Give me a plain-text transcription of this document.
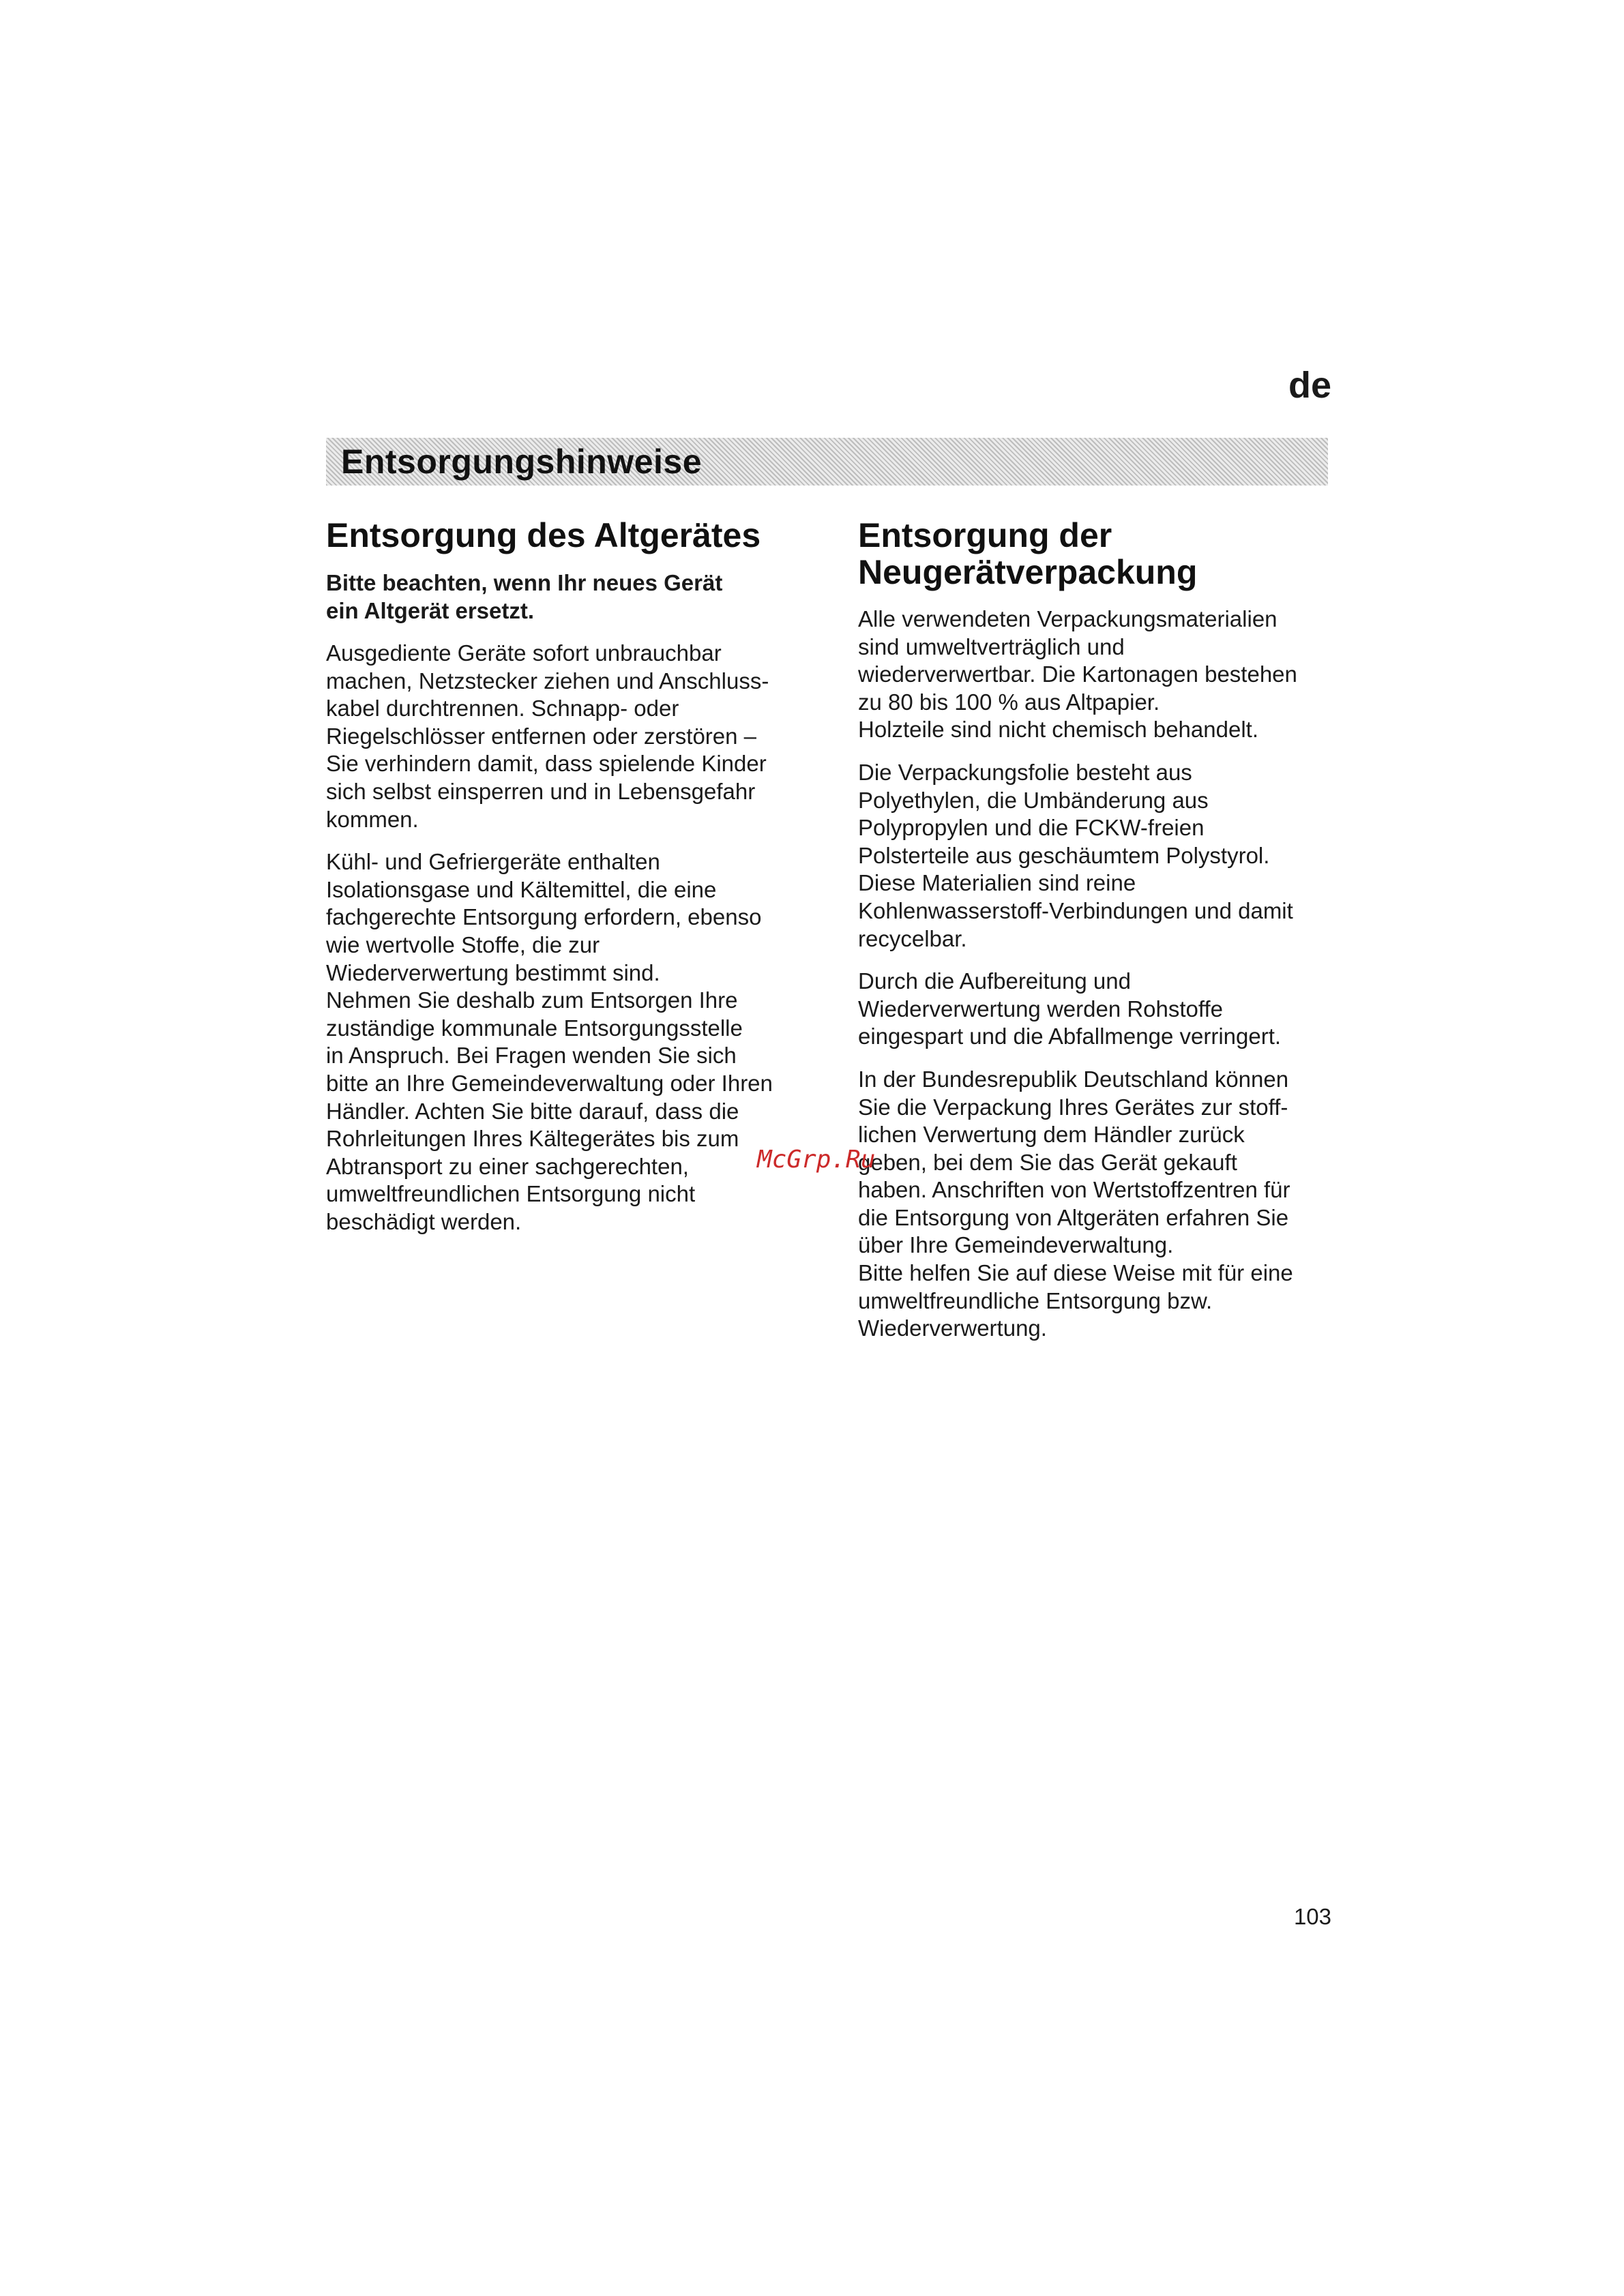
de
Entsorgungshinweise
Entsorgung des Altgerätes

Bitte beachten, wenn Ihr neues Gerät
ein Altgerät ersetzt.

Ausgediente Geräte sofort unbrauchbar
machen, Netzstecker ziehen und Anschluss-
kabel durchtrennen. Schnapp- oder
Riegelschlösser entfernen oder zerstören –
Sie verhindern damit, dass spielende Kinder
sich selbst einsperren und in Lebensgefahr
kommen.

Kühl- und Gefriergeräte enthalten
Isolationsgase und Kältemittel, die eine
fachgerechte Entsorgung erfordern, ebenso
wie wertvolle Stoffe, die zur
Wiederverwertung bestimmt sind.
Nehmen Sie deshalb zum Entsorgen Ihre
zuständige kommunale Entsorgungsstelle
in Anspruch. Bei Fragen wenden Sie sich
bitte an Ihre Gemeindeverwaltung oder Ihren
Händler. Achten Sie bitte darauf, dass die
Rohrleitungen Ihres Kältegerätes bis zum
Abtransport zu einer sachgerechten,
umweltfreundlichen Entsorgung nicht
beschädigt werden.

Entsorgung der
Neugerätverpackung

Alle verwendeten Verpackungsmaterialien
sind umweltverträglich und
wiederverwertbar. Die Kartonagen bestehen
zu 80 bis 100 % aus Altpapier.
Holzteile sind nicht chemisch behandelt.

Die Verpackungsfolie besteht aus
Polyethylen, die Umbänderung aus
Polypropylen und die FCKW-freien
Polsterteile aus geschäumtem Polystyrol.
Diese Materialien sind reine
Kohlenwasserstoff-Verbindungen und damit
recycelbar.

Durch die Aufbereitung und
Wiederverwertung werden Rohstoffe
eingespart und die Abfallmenge verringert.

In der Bundesrepublik Deutschland können
Sie die Verpackung Ihres Gerätes zur stoff-
lichen Verwertung dem Händler zurück
geben, bei dem Sie das Gerät gekauft
haben. Anschriften von Wertstoffzentren für
die Entsorgung von Altgeräten erfahren Sie
über Ihre Gemeindeverwaltung.
Bitte helfen Sie auf diese Weise mit für eine
umweltfreundliche Entsorgung bzw.
Wiederverwertung.

McGrp.Ru
103
